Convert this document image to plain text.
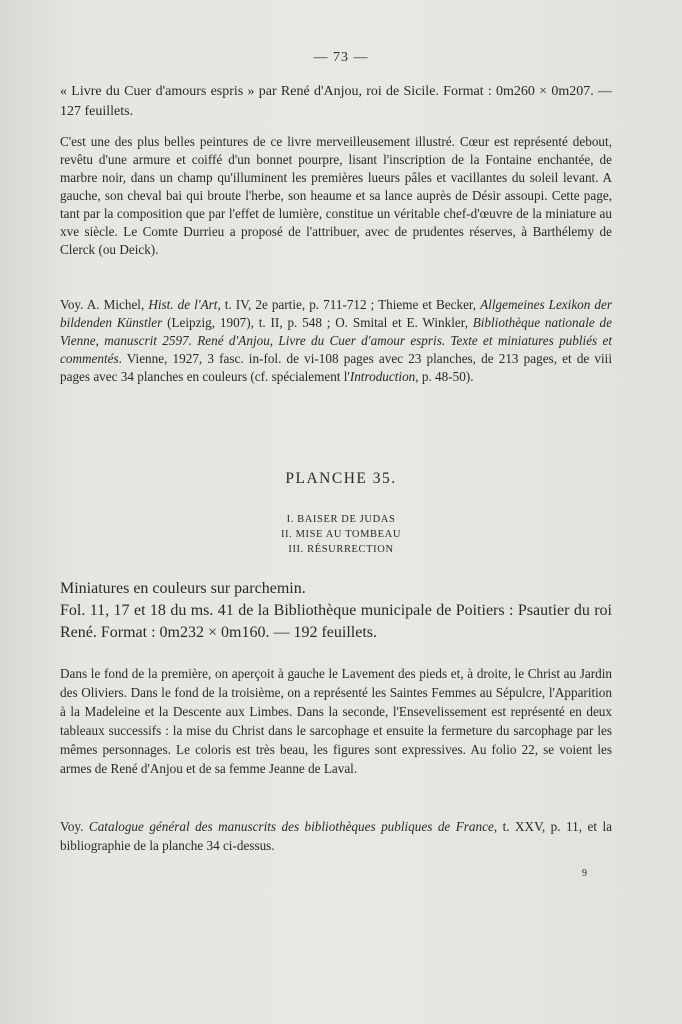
— 73 —

« Livre du Cuer d'amours espris » par René d'Anjou, roi de Sicile. Format : 0m260 × 0m207. — 127 feuillets.

C'est une des plus belles peintures de ce livre merveilleusement illustré. Cœur est représenté debout, revêtu d'une armure et coiffé d'un bonnet pourpre, lisant l'inscription de la Fontaine enchantée, de marbre noir, dans un champ qu'illuminent les premières lueurs pâles et vacillantes du soleil levant. A gauche, son cheval bai qui broute l'herbe, son heaume et sa lance auprès de Désir assoupi. Cette page, tant par la composition que par l'effet de lumière, constitue un véritable chef-d'œuvre de la miniature au xve siècle. Le Comte Durrieu a proposé de l'attribuer, avec de prudentes réserves, à Barthélemy de Clerck (ou Deick).

Voy. A. Michel, Hist. de l'Art, t. IV, 2e partie, p. 711-712 ; Thieme et Becker, Allgemeines Lexikon der bildenden Künstler (Leipzig, 1907), t. II, p. 548 ; O. Smital et E. Winkler, Bibliothèque nationale de Vienne, manuscrit 2597. René d'Anjou, Livre du Cuer d'amour espris. Texte et miniatures publiés et commentés. Vienne, 1927, 3 fasc. in-fol. de vi-108 pages avec 23 planches, de 213 pages, et de viii pages avec 34 planches en couleurs (cf. spécialement l'Introduction, p. 48-50).

PLANCHE 35.
I. BAISER DE JUDAS
II. MISE AU TOMBEAU
III. RÉSURRECTION

Miniatures en couleurs sur parchemin.

Fol. 11, 17 et 18 du ms. 41 de la Bibliothèque municipale de Poitiers : Psautier du roi René. Format : 0m232 × 0m160. — 192 feuillets.

Dans le fond de la première, on aperçoit à gauche le Lavement des pieds et, à droite, le Christ au Jardin des Oliviers. Dans le fond de la troisième, on a représenté les Saintes Femmes au Sépulcre, l'Apparition à la Madeleine et la Descente aux Limbes. Dans la seconde, l'Ensevelissement est représenté en deux tableaux successifs : la mise du Christ dans le sarcophage et ensuite la fermeture du sarcophage par les mêmes personnages. Le coloris est très beau, les figures sont expressives. Au folio 22, se voient les armes de René d'Anjou et de sa femme Jeanne de Laval.

Voy. Catalogue général des manuscrits des bibliothèques publiques de France, t. XXV, p. 11, et la bibliographie de la planche 34 ci-dessus.

9
